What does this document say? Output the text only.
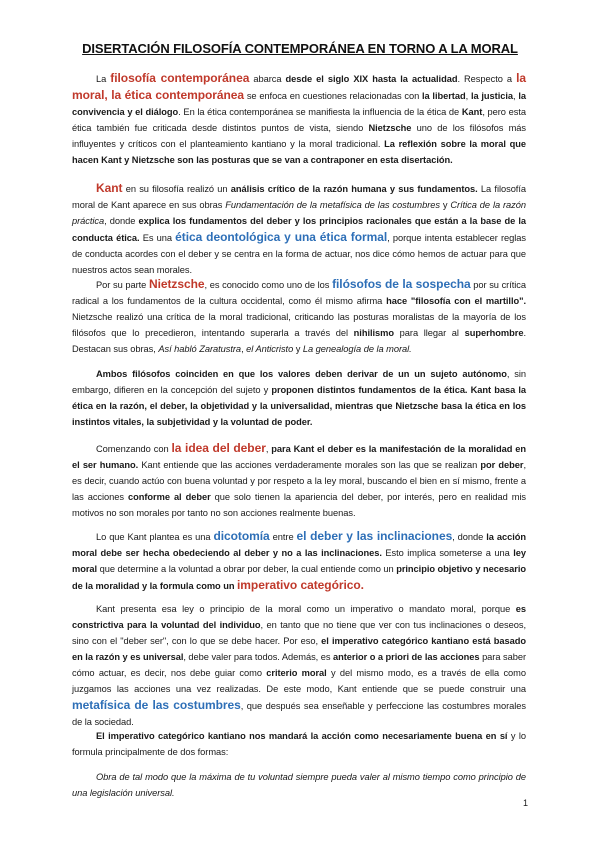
DISERTACIÓN FILOSOFÍA CONTEMPORÁNEA EN TORNO A LA MORAL

La filosofía contemporánea abarca desde el siglo XIX hasta la actualidad. Respecto a la moral, la ética contemporánea se enfoca en cuestiones relacionadas con la libertad, la justicia, la convivencia y el diálogo. En la ética contemporánea se manifiesta la influencia de la ética de Kant, pero esta ética también fue criticada desde distintos puntos de vista, siendo Nietzsche uno de los filósofos más influyentes y críticos con el planteamiento kantiano y la moral tradicional. La reflexión sobre la moral que hacen Kant y Nietzsche son las posturas que se van a contraponer en esta disertación.

Kant en su filosofía realizó un análisis crítico de la razón humana y sus fundamentos. La filosofía moral de Kant aparece en sus obras Fundamentación de la metafísica de las costumbres y Crítica de la razón práctica, donde explica los fundamentos del deber y los principios racionales que están a la base de la conducta ética. Es una ética deontológica y una ética formal, porque intenta establecer reglas de conducta acordes con el deber y se centra en la forma de actuar, nos dice cómo hemos de actuar para que nuestros actos sean morales.

Por su parte Nietzsche, es conocido como uno de los filósofos de la sospecha por su crítica radical a los fundamentos de la cultura occidental, como él mismo afirma hace "filosofía con el martillo". Nietzsche realizó una crítica de la moral tradicional, criticando las posturas moralistas de la mayoría de los filósofos que lo precedieron, intentando superarla a través del nihilismo para llegar al superhombre. Destacan sus obras, Así habló Zaratustra, el Anticristo y La genealogía de la moral.

Ambos filósofos coinciden en que los valores deben derivar de un un sujeto autónomo, sin embargo, difieren en la concepción del sujeto y proponen distintos fundamentos de la ética. Kant basa la ética en la razón, el deber, la objetividad y la universalidad, mientras que Nietzsche basa la ética en los instintos vitales, la subjetividad y la voluntad de poder.

Comenzando con la idea del deber, para Kant el deber es la manifestación de la moralidad en el ser humano. Kant entiende que las acciones verdaderamente morales son las que se realizan por deber, es decir, cuando actúo con buena voluntad y por respeto a la ley moral, buscando el bien en sí mismo, frente a las acciones conforme al deber que solo tienen la apariencia del deber, por interés, pero en realidad mis motivos no son morales por tanto no son acciones realmente buenas.

Lo que Kant plantea es una dicotomía entre el deber y las inclinaciones, donde la acción moral debe ser hecha obedeciendo al deber y no a las inclinaciones. Esto implica someterse a una ley moral que determine a la voluntad a obrar por deber, la cual entiende como un principio objetivo y necesario de la moralidad y la formula como un imperativo categórico.

Kant presenta esa ley o principio de la moral como un imperativo o mandato moral, porque es constrictiva para la voluntad del individuo, en tanto que no tiene que ver con tus inclinaciones o deseos, sino con el "deber ser", con lo que se debe hacer. Por eso, el imperativo categórico kantiano está basado en la razón y es universal, debe valer para todos. Además, es anterior o a priori de las acciones para saber cómo actuar, es decir, nos debe guiar como criterio moral y del mismo modo, es a través de ella como juzgamos las acciones una vez realizadas. De este modo, Kant entiende que se puede construir una metafísica de las costumbres, que después sea enseñable y perfeccione las costumbres morales de la sociedad.

El imperativo categórico kantiano nos mandará la acción como necesariamente buena en sí y lo formula principalmente de dos formas:

Obra de tal modo que la máxima de tu voluntad siempre pueda valer al mismo tiempo como principio de una legislación universal.

1
